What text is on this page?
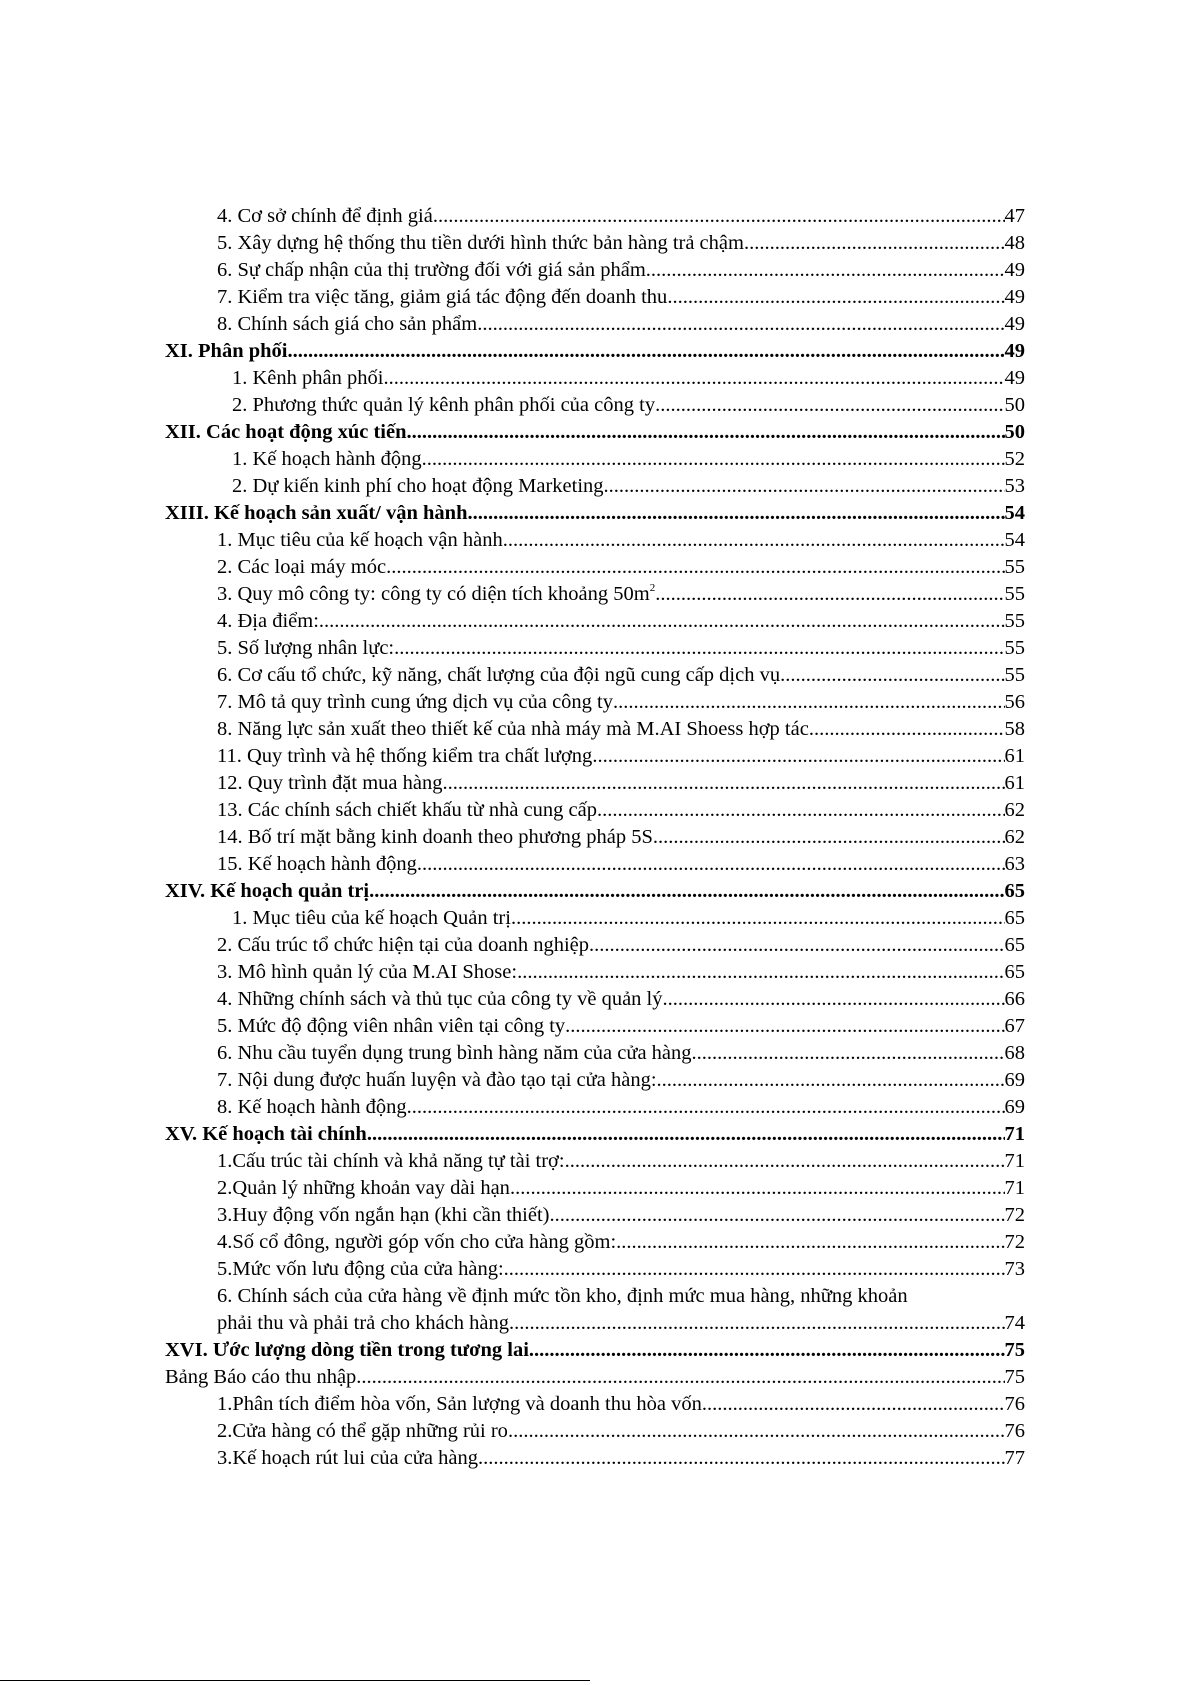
4. Cơ sở chính để định giá .....	47
5. Xây dựng hệ thống thu tiền dưới hình thức bản hàng trả chậm .....	48
6. Sự chấp nhận của thị trường đối với giá sản phẩm .....	49
7. Kiểm tra việc tăng, giảm giá tác động đến doanh thu .....	49
8. Chính sách giá cho sản phẩm .....	49
XI. Phân phối .....	49
1. Kênh phân phối .....	49
2. Phương thức quản lý kênh phân phối của công ty .....	50
XII. Các hoạt động xúc tiến .....	50
1. Kế hoạch hành động .....	52
2. Dự kiến kinh phí cho hoạt động Marketing .....	53
XIII. Kế hoạch sản xuất/ vận hành .....	54
1. Mục tiêu của kế hoạch vận hành .....	54
2. Các loại máy móc .....	55
3. Quy mô công ty: công ty có diện tích khoảng $50m^2$ .....	55
4. Địa điểm: .....	55
5. Số lượng nhân lực: .....	55
6. Cơ cấu tổ chức, kỹ năng, chất lượng của đội ngũ cung cấp dịch vụ .....	55
7. Mô tả quy trình cung ứng dịch vụ của công ty .....	56
8. Năng lực sản xuất theo thiết kế của nhà máy mà M.AI Shoess hợp tác .....	58
11. Quy trình và hệ thống kiểm tra chất lượng .....	61
12. Quy trình đặt mua hàng .....	61
13. Các chính sách chiết khấu từ nhà cung cấp .....	62
14. Bố trí mặt bằng kinh doanh theo phương pháp 5S .....	62
15. Kế hoạch hành động .....	63
XIV. Kế hoạch quản trị .....	65
1. Mục tiêu của kế hoạch Quản trị .....	65
2. Cấu trúc tổ chức hiện tại của doanh nghiệp .....	65
3. Mô hình quản lý của M.AI Shose: .....	65
4. Những chính sách và thủ tục của công ty về quản lý .....	66
5. Mức độ động viên nhân viên tại công ty .....	67
6. Nhu cầu tuyển dụng trung bình hàng năm của cửa hàng .....	68
7. Nội dung được huấn luyện và đào tạo tại cửa hàng: .....	69
8. Kế hoạch hành động .....	69
XV. Kế hoạch tài chính .....	71
1.Cấu trúc tài chính và khả năng tự tài trợ: .....	71
2.Quản lý những khoản vay dài hạn .....	71
3.Huy động vốn ngắn hạn (khi cần thiết) .....	72
4.Số cổ đông, người góp vốn cho cửa hàng gồm: .....	72
5.Mức vốn lưu động của cửa hàng: .....	73
6. Chính sách của cửa hàng về định mức tồn kho, định mức mua hàng, những khoản
phải thu và phải trả cho khách hàng .....	74
XVI. Ước lượng dòng tiền trong tương lai .....	75
Bảng Báo cáo thu nhập .....	75
1.Phân tích điểm hòa vốn, Sản lượng và doanh thu hòa vốn .....	76
2.Cửa hàng có thể gặp những rủi ro .....	76
3.Kế hoạch rút lui của cửa hàng .....	77
